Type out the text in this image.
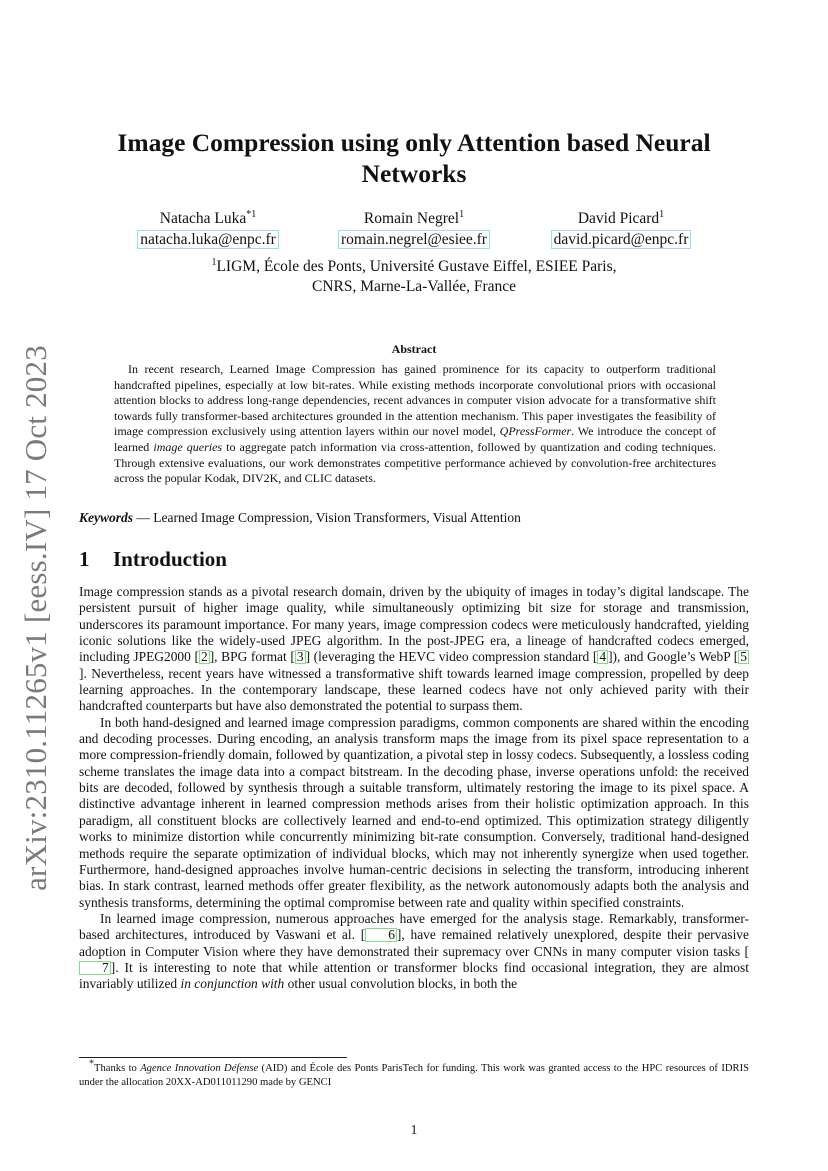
arXiv:2310.11265v1 [eess.IV] 17 Oct 2023
Image Compression using only Attention based Neural Networks
Natacha Luka$^{*1}$
natacha.luka@enpc.fr
Romain Negrel$^1$
romain.negrel@esiee.fr
David Picard$^1$
david.picard@enpc.fr
$^1$LIGM, École des Ponts, Université Gustave Eiffel, ESIEE Paris,
CNRS, Marne-La-Vallée, France
Abstract
In recent research, Learned Image Compression has gained prominence for its capacity to outperform traditional handcrafted pipelines, especially at low bit-rates. While existing methods incorporate convolutional priors with occasional attention blocks to address long-range dependencies, recent advances in computer vision advocate for a transformative shift towards fully transformer-based architectures grounded in the attention mechanism. This paper investigates the feasibility of image compression exclusively using attention layers within our novel model, QPressFormer. We introduce the concept of learned image queries to aggregate patch information via cross-attention, followed by quantization and coding techniques. Through extensive evaluations, our work demonstrates competitive performance achieved by convolution-free architectures across the popular Kodak, DIV2K, and CLIC datasets.
Keywords — Learned Image Compression, Vision Transformers, Visual Attention
1 Introduction

Image compression stands as a pivotal research domain, driven by the ubiquity of images in today’s digital landscape. The persistent pursuit of higher image quality, while simultaneously optimizing bit size for storage and transmission, underscores its paramount importance. For many years, image compression codecs were meticulously handcrafted, yielding iconic solutions like the widely-used JPEG algorithm. In the post-JPEG era, a lineage of handcrafted codecs emerged, including JPEG2000 [ 2 ], BPG format [ 3 ] (leveraging the HEVC video compression standard [ 4 ]), and Google’s WebP [ 5]. Nevertheless, recent years have witnessed a transformative shift towards learned image compression, propelled by deep learning approaches. In the contemporary landscape, these learned codecs have not only achieved parity with their handcrafted counterparts but have also demonstrated the potential to surpass them.

In both hand-designed and learned image compression paradigms, common components are shared within the encoding and decoding processes. During encoding, an analysis transform maps the image from its pixel space representation to a more compression-friendly domain, followed by quantization, a pivotal step in lossy codecs. Subsequently, a lossless coding scheme translates the image data into a compact bitstream. In the decoding phase, inverse operations unfold: the received bits are decoded, followed by synthesis through a suitable transform, ultimately restoring the image to its pixel space. A distinctive advantage inherent in learned compression methods arises from their holistic optimization approach. In this paradigm, all constituent blocks are collectively learned and end-to-end optimized. This optimization strategy diligently works to minimize distortion while concurrently minimizing bit-rate consumption. Conversely, traditional hand-designed methods require the separate optimization of individual blocks, which may not inherently synergize when used together. Furthermore, hand-designed approaches involve human-centric decisions in selecting the transform, introducing inherent bias. In stark contrast, learned methods offer greater flexibility, as the network autonomously adapts both the analysis and synthesis transforms, determining the optimal compromise between rate and quality within specified constraints.

In learned image compression, numerous approaches have emerged for the analysis stage. Remarkably, transformer-based architectures, introduced by Vaswani et al. [ 6 ], have remained relatively unexplored, despite their pervasive adoption in Computer Vision where they have demonstrated their supremacy over CNNs in many computer vision tasks [7 ]. It is interesting to note that while attention or transformer blocks find occasional integration, they are almost invariably utilized in conjunction with other usual convolution blocks, in both the

*Thanks to Agence Innovation Défense (AID) and École des Ponts ParisTech for funding. This work was granted access to the HPC resources of IDRIS under the allocation 20XX-AD011011290 made by GENCI
1
